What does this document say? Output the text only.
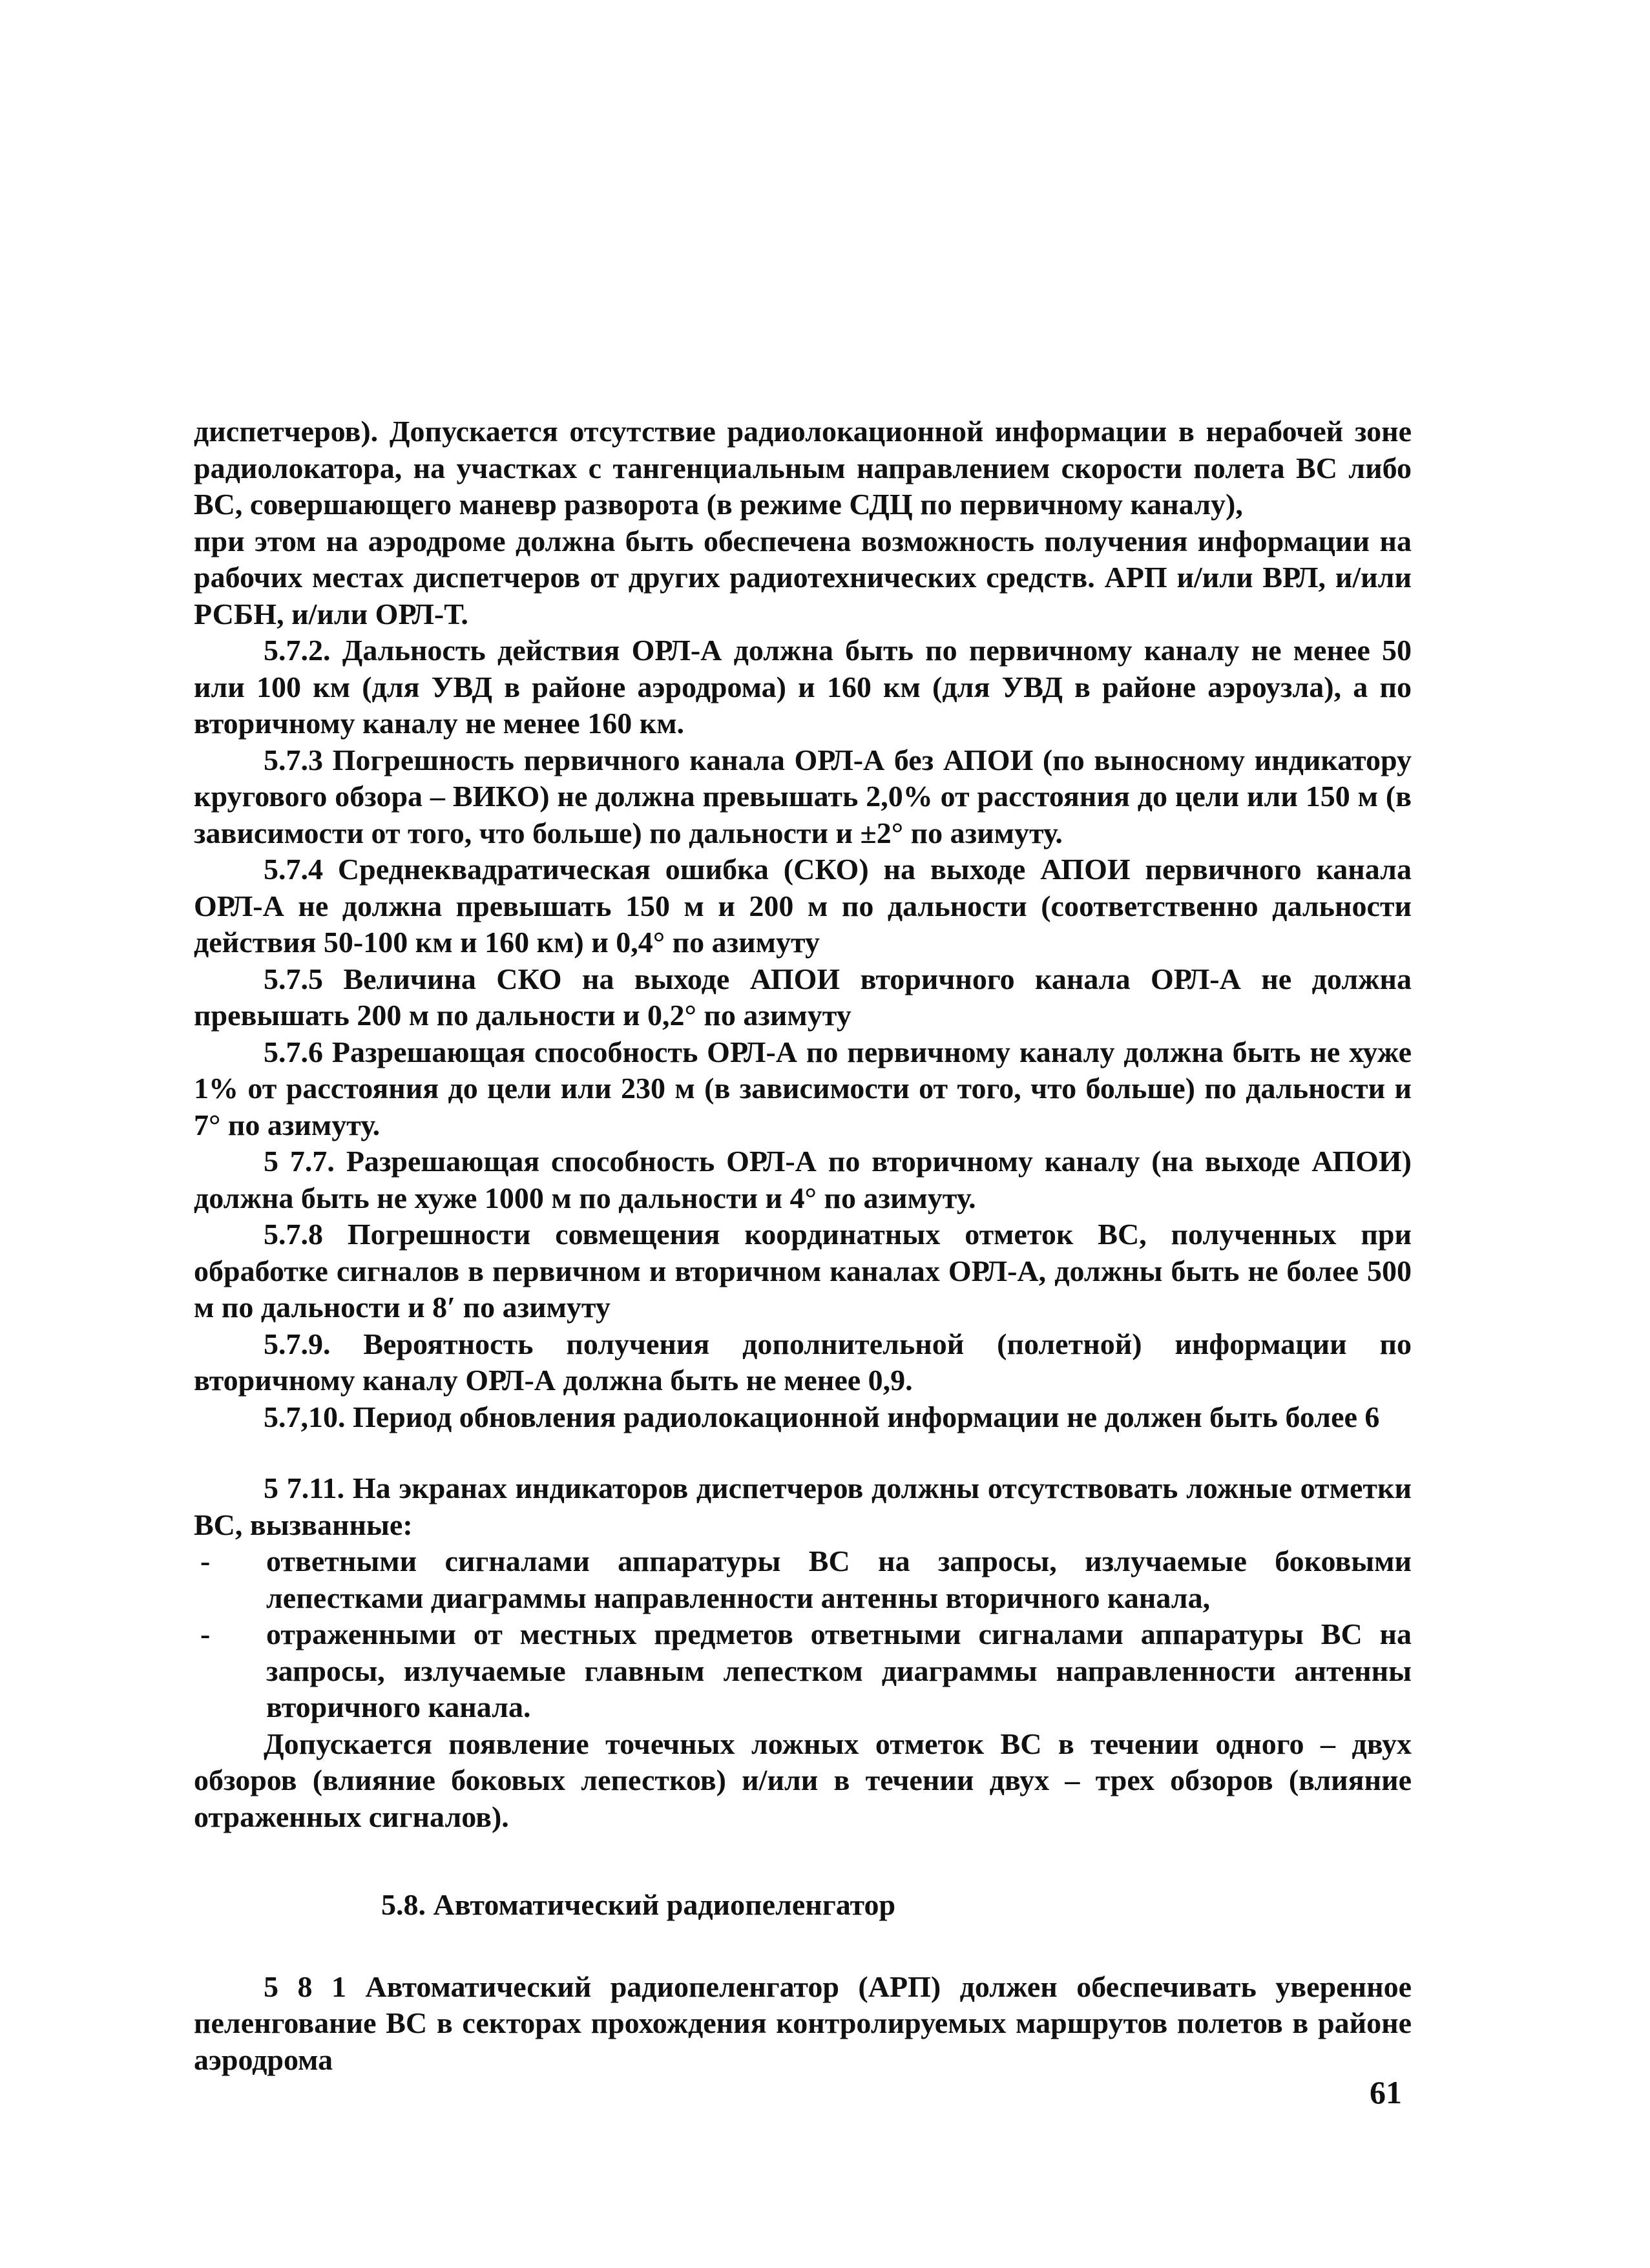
диспетчеров). Допускается отсутствие радиолокационной информации в нерабочей зоне радиолокатора, на участках с тангенциальным направлением скорости полета ВС либо ВС, совершающего маневр разворота (в режиме СДЦ по первичному каналу),

при этом на аэродроме должна быть обеспечена возможность получения информации на рабочих местах диспетчеров от других радиотехнических средств. АРП и/или ВРЛ, и/или РСБН, и/или ОРЛ-Т.

5.7.2. Дальность действия ОРЛ-А должна быть по первичному каналу не менее 50 или 100 км (для УВД в районе аэродрома) и 160 км (для УВД в районе аэроузла), а по вторичному каналу не менее 160 км.

5.7.3 Погрешность первичного канала ОРЛ-А без АПОИ (по выносному индикатору кругового обзора – ВИКО) не должна превышать 2,0% от расстояния до цели или 150 м (в зависимости от того, что больше) по дальности и ±2° по азимуту.

5.7.4 Среднеквадратическая ошибка (СКО) на выходе АПОИ первичного канала ОРЛ-А не должна превышать 150 м и 200 м по дальности (соответственно дальности действия 50-100 км и 160 км) и 0,4° по азимуту

5.7.5 Величина СКО на выходе АПОИ вторичного канала ОРЛ-А не должна превышать 200 м по дальности и 0,2° по азимуту

5.7.6 Разрешающая способность ОРЛ-А по первичному каналу должна быть не хуже 1% от расстояния до цели или 230 м (в зависимости от того, что больше) по дальности и 7° по азимуту.

5 7.7. Разрешающая способность ОРЛ-А по вторичному каналу (на выходе АПОИ) должна быть не хуже 1000 м по дальности и 4° по азимуту.

5.7.8 Погрешности совмещения координатных отметок ВС, полученных при обработке сигналов в первичном и вторичном каналах ОРЛ-А, должны быть не более 500 м по дальности и 8′ по азимуту

5.7.9. Вероятность получения дополнительной (полетной) информации по вторичному каналу ОРЛ-А должна быть не менее 0,9.

5.7,10. Период обновления радиолокационной информации не должен быть более 6

5 7.11. На экранах индикаторов диспетчеров должны отсутствовать ложные отметки ВС, вызванные:

- ответными сигналами аппаратуры ВС на запросы, излучаемые боковыми лепестками диаграммы направленности антенны вторичного канала,

- отраженными от местных предметов ответными сигналами аппаратуры ВС на запросы, излучаемые главным лепестком диаграммы направленности антенны вторичного канала.

Допускается появление точечных ложных отметок ВС в течении одного – двух обзоров (влияние боковых лепестков) и/или в течении двух – трех обзоров (влияние отраженных сигналов).

5.8. Автоматический радиопеленгатор

5 8 1 Автоматический радиопеленгатор (АРП) должен обеспечивать уверенное пеленгование ВС в секторах прохождения контролируемых маршрутов полетов в районе аэродрома

61
